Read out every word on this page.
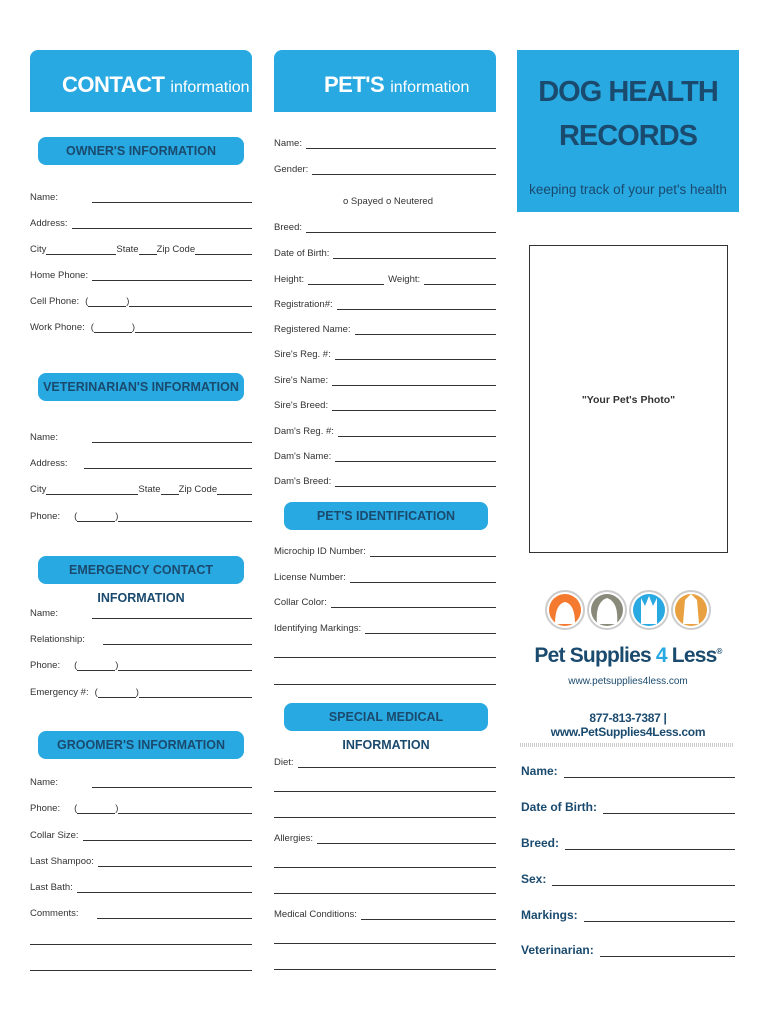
CONTACT information
OWNER'S INFORMATION
Name:
Address:
City	State Zip Code
Home Phone:
Cell Phone: (	)
Work Phone: (	)
VETERINARIAN'S INFORMATION
Name:
Address:
City	State Zip Code
Phone: (	)
EMERGENCY CONTACT INFORMATION
Name:
Relationship:
Phone: (	)
Emergency #: (	)
GROOMER'S INFORMATION
Name:
Phone: (	)
Collar Size:
Last Shampoo:
Last Bath:
Comments:
PET'S information
Name:
Gender:
o Spayed o Neutered
Breed:
Date of Birth:
Height:	Weight:
Registration#:
Registered Name:
Sire's Reg. #:
Sire's Name:
Sire's Breed:
Dam's Reg. #:
Dam's Name:
Dam's Breed:
PET'S IDENTIFICATION
Microchip ID Number:
License Number:
Collar Color:
Identifying Markings:
SPECIAL MEDICAL INFORMATION
Diet:
Allergies:
Medical Conditions:
DOG HEALTH
RECORDS
keeping track of your pet's health
"Your Pet's Photo"
Pet Supplies 4 Less®
www.petsupplies4less.com
877-813-7387 | www.PetSupplies4Less.com
Name:
Date of Birth:
Breed:
Sex:
Markings:
Veterinarian:
